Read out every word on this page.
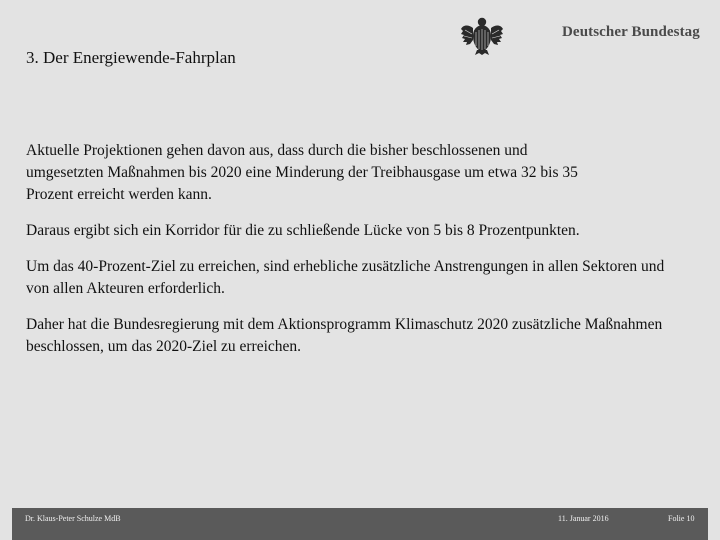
3. Der Energiewende-Fahrplan
Deutscher Bundestag

Aktuelle Projektionen gehen davon aus, dass durch die bisher beschlossenen und umgesetzten Maßnahmen bis 2020 eine Minderung der Treibhausgase um etwa 32 bis 35 Prozent erreicht werden kann.

Daraus ergibt sich ein Korridor für die zu schließende Lücke von 5 bis 8 Prozentpunkten.

Um das 40-Prozent-Ziel zu erreichen, sind erhebliche zusätzliche Anstrengungen in allen Sektoren und von allen Akteuren erforderlich.

Daher hat die Bundesregierung mit dem Aktionsprogramm Klimaschutz 2020 zusätzliche Maßnahmen beschlossen, um das 2020-Ziel zu erreichen.

Dr. Klaus-Peter Schulze MdB	11. Januar 2016	Folie 10
